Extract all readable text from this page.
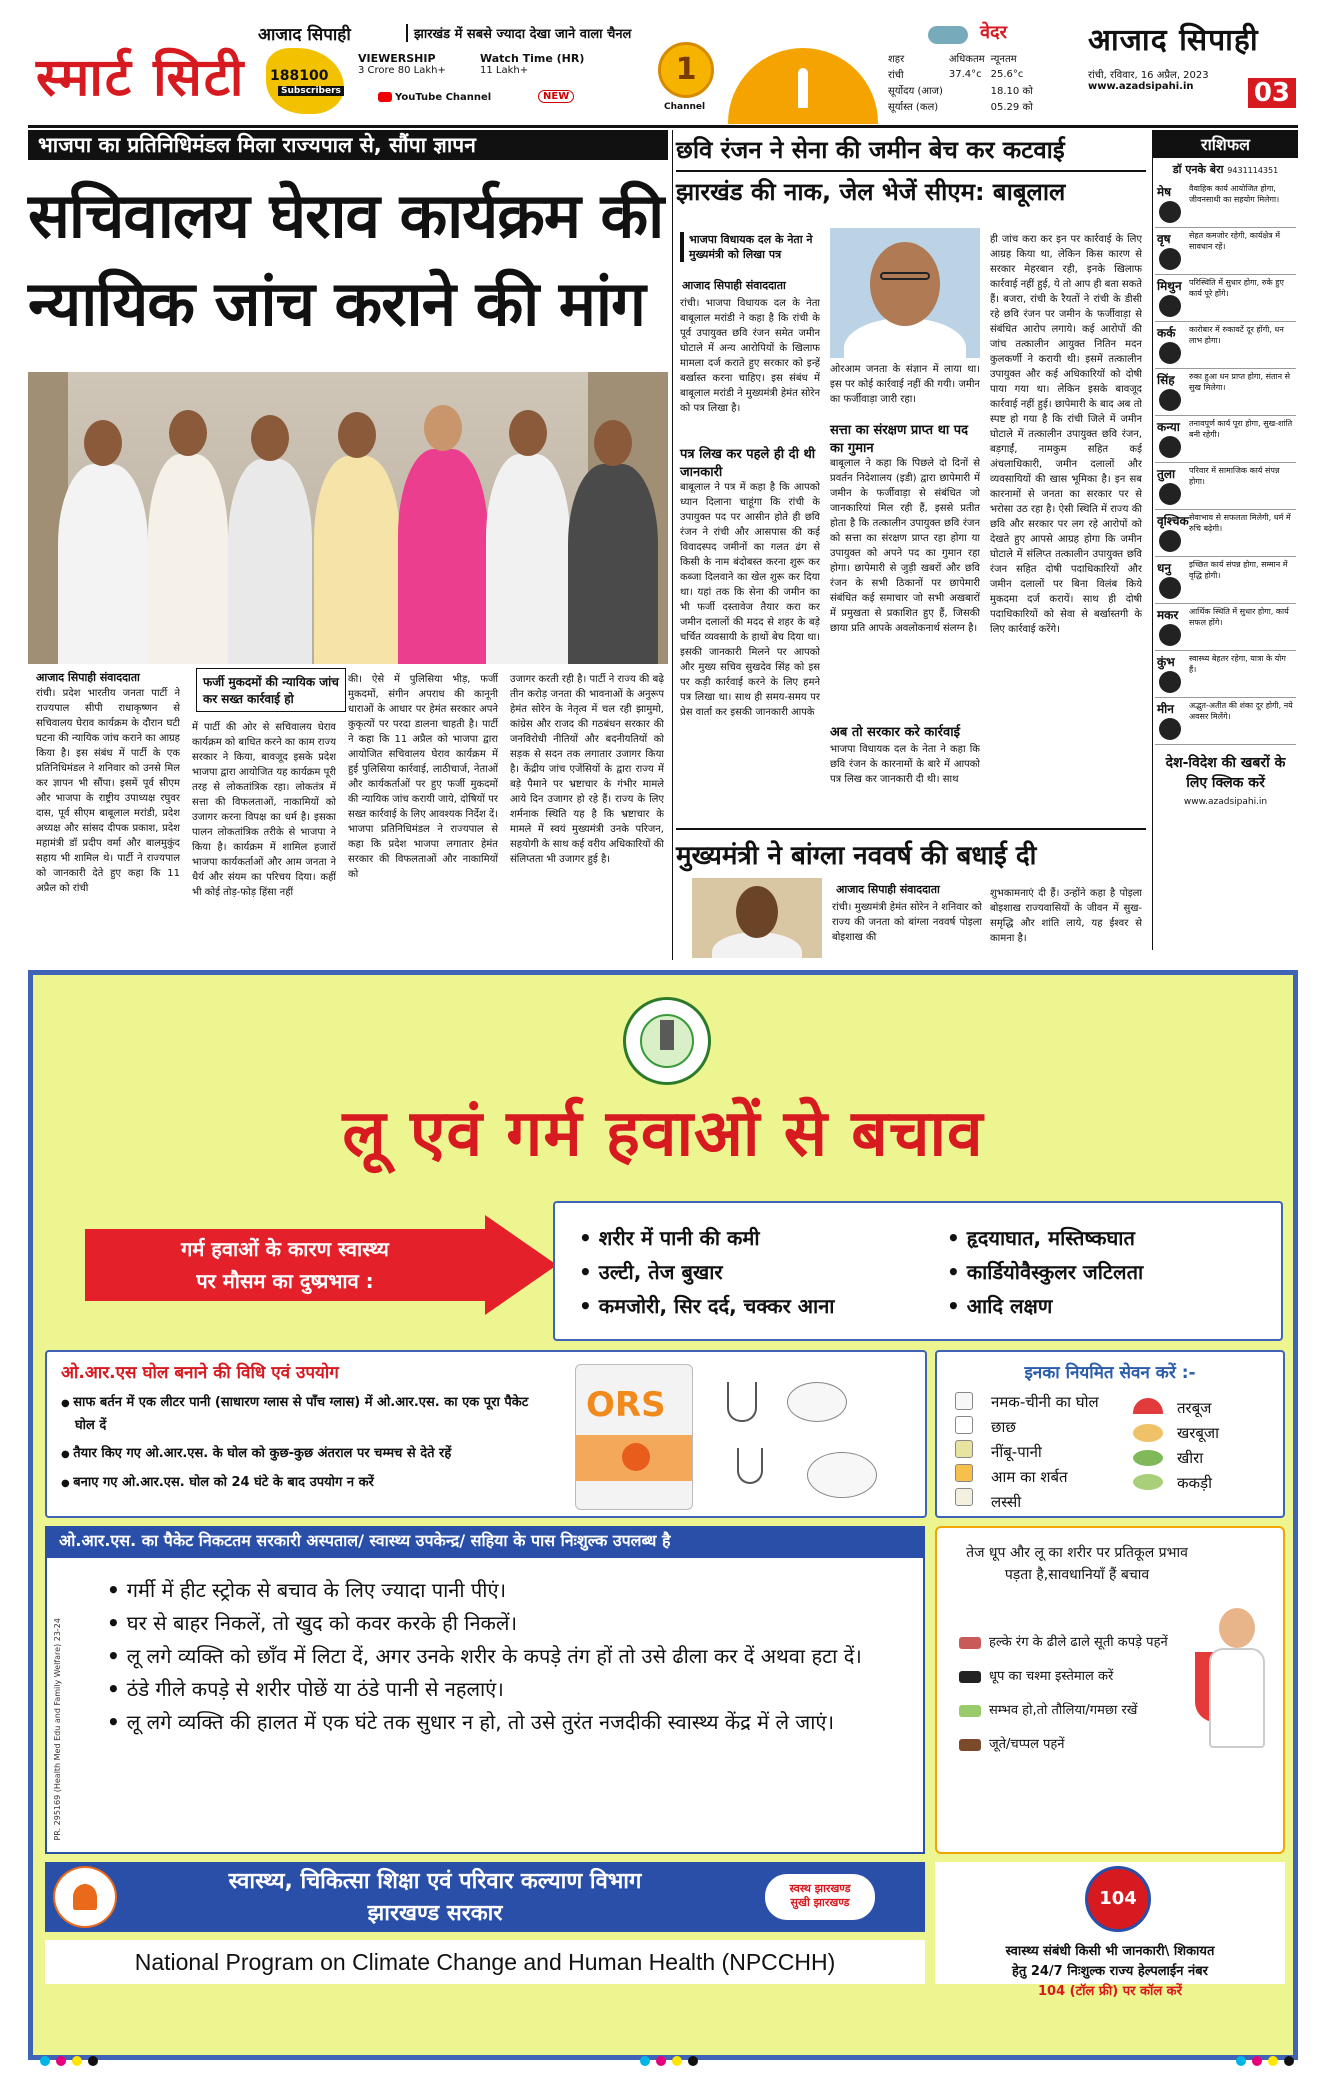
स्मार्ट सिटी
आजाद सिपाही	झारखंड में सबसे ज्यादा देखा जाने वाला चैनल
188100
Subscribers
VIEWERSHIP
3 Crore 80 Lakh+
Watch Time (HR)
11 Lakh+
YouTube Channel	NEW
1
Channel
वेदर
शहर	अधिकतम	न्यूनतम
रांची	37.4°c	25.6°c
सूर्योदय (आज)		18.10 को
सूर्यास्त (कल)		05.29 को
आजाद सिपाही
रांची, रविवार, 16 अप्रैल, 2023
www.azadsipahi.in	03
भाजपा का प्रतिनिधिमंडल मिला राज्यपाल से, सौंपा ज्ञापन
सचिवालय घेराव कार्यक्रम की
न्यायिक जांच कराने की मांग
आजाद सिपाही संवाददाता
रांची। प्रदेश भारतीय जनता पार्टी ने राज्यपाल सीपी राधाकृष्णन से सचिवालय घेराव कार्यक्रम के दौरान घटी घटना की न्यायिक जांच कराने का आग्रह किया है। इस संबंध में पार्टी के एक प्रतिनिधिमंडल ने शनिवार को उनसे मिल कर ज्ञापन भी सौंपा। इसमें पूर्व सीएम और भाजपा के राष्ट्रीय उपाध्यक्ष रघुवर दास, पूर्व सीएम बाबूलाल मरांडी, प्रदेश अध्यक्ष और सांसद दीपक प्रकाश, प्रदेश महामंत्री डॉ प्रदीप वर्मा और बालमुकुंद सहाय भी शामिल थे। पार्टी ने राज्यपाल को जानकारी देते हुए कहा कि 11 अप्रैल को रांची
फर्जी मुकदमों की न्यायिक जांच कर सख्त कार्रवाई हो
में पार्टी की ओर से सचिवालय घेराव कार्यक्रम को बाधित करने का काम राज्य सरकार ने किया, बावजूद इसके प्रदेश भाजपा द्वारा आयोजित यह कार्यक्रम पूरी तरह से लोकतांत्रिक रहा। लोकतंत्र में सत्ता की विफलताओं, नाकामियों को उजागर करना विपक्ष का धर्म है। इसका पालन लोकतांत्रिक तरीके से भाजपा ने किया है। कार्यक्रम में शामिल हजारों भाजपा कार्यकर्ताओं और आम जनता ने धैर्य और संयम का परिचय दिया। कहीं भी कोई तोड़-फोड़ हिंसा नहीं
की। ऐसे में पुलिसिया भीड़, फर्जी मुकदमों, संगीन अपराध की कानूनी धाराओं के आधार पर हेमंत सरकार अपने कुकृत्यों पर परदा डालना चाहती है। पार्टी ने कहा कि 11 अप्रैल को भाजपा द्वारा आयोजित सचिवालय घेराव कार्यक्रम में हुई पुलिसिया कार्रवाई, लाठीचार्ज, नेताओं और कार्यकर्ताओं पर हुए फर्जी मुकदमों की न्यायिक जांच करायी जाये, दोषियों पर सख्त कार्रवाई के लिए आवश्यक निर्देश दें। भाजपा प्रतिनिधिमंडल ने राज्यपाल से कहा कि प्रदेश भाजपा लगातार हेमंत सरकार की विफलताओं और नाकामियों को
उजागर करती रही है। पार्टी ने राज्य की बढ़े तीन करोड़ जनता की भावनाओं के अनुरूप हेमंत सोरेन के नेतृत्व में चल रही झामुमो, कांग्रेस और राजद की गठबंधन सरकार की जनविरोधी नीतियों और बदनीयतियों को सड़क से सदन तक लगातार उजागर किया है। केंद्रीय जांच एजेंसियों के द्वारा राज्य में बड़े पैमाने पर भ्रष्टाचार के गंभीर मामले आये दिन उजागर हो रहे हैं। राज्य के लिए शर्मनाक स्थिति यह है कि भ्रष्टाचार के मामले में स्वयं मुख्यमंत्री उनके परिजन, सहयोगी के साथ कई वरीय अधिकारियों की संलिप्तता भी उजागर हुई है।
छवि रंजन ने सेना की जमीन बेच कर कटवाई
झारखंड की नाक, जेल भेजें सीएम: बाबूलाल
भाजपा विधायक दल के नेता ने मुख्यमंत्री को लिखा पत्र
आजाद सिपाही संवाददाता
रांची। भाजपा विधायक दल के नेता बाबूलाल मरांडी ने कहा है कि रांची के पूर्व उपायुक्त छवि रंजन समेत जमीन घोटाले में अन्य आरोपियों के खिलाफ मामला दर्ज कराते हुए सरकार को इन्हें बर्खास्त करना चाहिए। इस संबंध में बाबूलाल मरांडी ने मुख्यमंत्री हेमंत सोरेन को पत्र लिखा है।
पत्र लिख कर पहले ही दी थी जानकारी
बाबूलाल ने पत्र में कहा है कि आपको ध्यान दिलाना चाहूंगा कि रांची के उपायुक्त पद पर आसीन होते ही छवि रंजन ने रांची और आसपास की कई विवादस्पद जमीनों का गलत ढंग से किसी के नाम बंदोबस्त करना शुरू कर कब्जा दिलवाने का खेल शुरू कर दिया था। यहां तक कि सेना की जमीन का भी फर्जी दस्तावेज तैयार करा कर जमीन दलालों की मदद से शहर के बड़े चर्चित व्यवसायी के हाथों बेच दिया था। इसकी जानकारी मिलने पर आपको और मुख्य सचिव सुखदेव सिंह को इस पर कड़ी कार्रवाई करने के लिए हमने पत्र लिखा था। साथ ही समय-समय पर प्रेस वार्ता कर इसकी जानकारी आपके
ओरआम जनता के संज्ञान में लाया था। इस पर कोई कार्रवाई नहीं की गयी। जमीन का फर्जीवाड़ा जारी रहा।
सत्ता का संरक्षण प्राप्त था पद का गुमान
बाबूलाल ने कहा कि पिछले दो दिनों से प्रवर्तन निदेशालय (इडी) द्वारा छापेमारी में जमीन के फर्जीवाड़ा से संबंधित जो जानकारियां मिल रही हैं, इससे प्रतीत होता है कि तत्कालीन उपायुक्त छवि रंजन को सत्ता का संरक्षण प्राप्त रहा होगा या उपायुक्त को अपने पद का गुमान रहा होगा। छापेमारी से जुड़ी खबरों और छवि रंजन के सभी ठिकानों पर छापेमारी संबंधित कई समाचार जो सभी अखबारों में प्रमुखता से प्रकाशित हुए हैं, जिसकी छाया प्रति आपके अवलोकनार्थ संलग्न है।
अब तो सरकार करे कार्रवाई
भाजपा विधायक दल के नेता ने कहा कि छवि रंजन के कारनामों के बारे में आपको पत्र लिख कर जानकारी दी थी। साथ
ही जांच करा कर इन पर कार्रवाई के लिए आग्रह किया था, लेकिन किस कारण से सरकार मेहरबान रही, इनके खिलाफ कार्रवाई नहीं हुई, ये तो आप ही बता सकते हैं। बजरा, रांची के रैयतों ने रांची के डीसी रहे छवि रंजन पर जमीन के फर्जीवाड़ा से संबंधित आरोप लगाये। कई आरोपों की जांच तत्कालीन आयुक्त नितिन मदन कुलकर्णी ने करायी थी। इसमें तत्कालीन उपायुक्त और कई अधिकारियों को दोषी पाया गया था। लेकिन इसके बावजूद कार्रवाई नहीं हुई। छापेमारी के बाद अब तो स्पष्ट हो गया है कि रांची जिले में जमीन घोटाले में तत्कालीन उपायुक्त छवि रंजन, बड़गाईं, नामकुम सहित कई अंचलाधिकारी, जमीन दलालों और व्यवसायियों की खास भूमिका है। इन सब कारनामों से जनता का सरकार पर से भरोसा उठ रहा है। ऐसी स्थिति में राज्य की छवि और सरकार पर लग रहे आरोपों को देखते हुए आपसे आग्रह होगा कि जमीन घोटाले में संलिप्त तत्कालीन उपायुक्त छवि रंजन सहित दोषी पदाधिकारियों और जमीन दलालों पर बिना विलंब किये मुकदमा दर्ज करायें। साथ ही दोषी पदाधिकारियों को सेवा से बर्खास्तगी के लिए कार्रवाई करेंगे।
मुख्यमंत्री ने बांग्ला नववर्ष की बधाई दी
आजाद सिपाही संवाददाता
रांची। मुख्यमंत्री हेमंत सोरेन ने शनिवार को राज्य की जनता को बांग्ला नववर्ष पोइला बोइशाख की
शुभकामनाएं दी हैं। उन्होंने कहा है पोइला बोइशाख राज्यवासियों के जीवन में सुख-समृद्धि और शांति लाये, यह ईश्वर से कामना है।
राशिफल
डॉ एनके बेरा 9431114351
मेष वैवाहिक कार्य आयोजित होगा, जीवनसाथी का सहयोग मिलेगा।
वृष सेहत कमजोर रहेगी, कार्यक्षेत्र में सावधान रहें।
मिथुन परिस्थिति में सुधार होगा, रुके हुए कार्य पूरे होंगे।
कर्क कारोबार में रुकावटें दूर होंगी, धन लाभ होगा।
सिंह रुका हुआ धन प्राप्त होगा, संतान से सुख मिलेगा।
कन्या तनावपूर्ण कार्य पूरा होगा, सुख-शांति बनी रहेगी।
तुला परिवार में सामाजिक कार्य संपन्न होगा।
वृश्चिक सेवाभाव से सफलता मिलेगी, धर्म में रुचि बढ़ेगी।
धनु इच्छित कार्य संपन्न होगा, सम्मान में वृद्धि होगी।
मकर आर्थिक स्थिति में सुधार होगा, कार्य सफल होंगे।
कुंभ स्वास्थ्य बेहतर रहेगा, यात्रा के योग हैं।
मीन अद्भुत-अतीत की शंका दूर होगी, नये अवसर मिलेंगे।
देश-विदेश की खबरों के लिए क्लिक करें
www.azadsipahi.in
लू एवं गर्म हवाओं से बचाव
गर्म हवाओं के कारण स्वास्थ्य
पर मौसम का दुष्प्रभाव :
• शरीर में पानी की कमी
• उल्टी, तेज बुखार
• कमजोरी, सिर दर्द, चक्कर आना
• हृदयाघात, मस्तिष्कघात
• कार्डियोवैस्कुलर जटिलता
• आदि लक्षण
ओ.आर.एस घोल बनाने की विधि एवं उपयोग
● साफ बर्तन में एक लीटर पानी (साधारण ग्लास से पाँच ग्लास) में ओ.आर.एस. का एक पूरा पैकेट घोल दें
● तैयार किए गए ओ.आर.एस. के घोल को कुछ-कुछ अंतराल पर चम्मच से देते रहें
● बनाए गए ओ.आर.एस. घोल को 24 घंटे के बाद उपयोग न करें
ORS
इनका नियमित सेवन करें :-
नमक-चीनी का घोल
छाछ
नींबू-पानी
आम का शर्बत
लस्सी
तरबूज
खरबूजा
खीरा
ककड़ी
ओ.आर.एस. का पैकेट निकटतम सरकारी अस्पताल/ स्वास्थ्य उपकेन्द्र/ सहिया के पास निःशुल्क उपलब्ध है
PR. 295169 (Health Med Edu and Family Welfare) 23-24
• गर्मी में हीट स्ट्रोक से बचाव के लिए ज्यादा पानी पीएं।
• घर से बाहर निकलें, तो खुद को कवर करके ही निकलें।
• लू लगे व्यक्ति को छाँव में लिटा दें, अगर उनके शरीर के कपड़े तंग हों तो उसे ढीला कर दें अथवा हटा दें।
• ठंडे गीले कपड़े से शरीर पोछें या ठंडे पानी से नहलाएं।
• लू लगे व्यक्ति की हालत में एक घंटे तक सुधार न हो, तो उसे तुरंत नजदीकी स्वास्थ्य केंद्र में ले जाएं।
तेज धूप और लू का शरीर पर प्रतिकूल प्रभाव पड़ता है,सावधानियाँ हैं बचाव
हल्के रंग के ढीले ढाले सूती कपड़े पहनें
धूप का चश्मा इस्तेमाल करें
सम्भव हो,तो तौलिया/गमछा रखें
जूते/चप्पल पहनें
स्वास्थ्य, चिकित्सा शिक्षा एवं परिवार कल्याण विभाग
झारखण्ड सरकार
स्वस्थ झारखण्ड
सुखी झारखण्ड
National Program on Climate Change and Human Health (NPCCHH)
104
स्वास्थ्य संबंधी किसी भी जानकारी\ शिकायत
हेतु 24/7 निःशुल्क राज्य हेल्पलाईन नंबर
104 (टॉल फ्री) पर कॉल करें
